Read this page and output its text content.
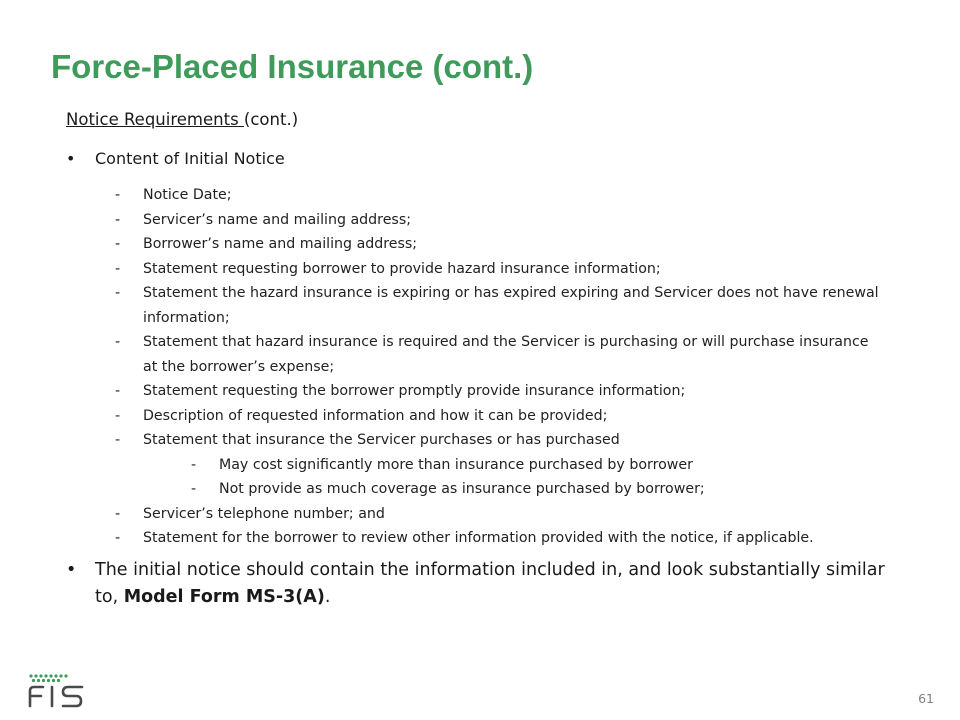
Force-Placed Insurance (cont.)
Notice Requirements (cont.)
• Content of Initial Notice
- Notice Date;
- Servicer’s name and mailing address;
- Borrower’s name and mailing address;
- Statement requesting borrower to provide hazard insurance information;
- Statement the hazard insurance is expiring or has expired expiring and Servicer does not have renewal information;
- Statement that hazard insurance is required and the Servicer is purchasing or will purchase insurance at the borrower’s expense;
- Statement requesting the borrower promptly provide insurance information;
- Description of requested information and how it can be provided;
- Statement that insurance the Servicer purchases or has purchased
- May cost significantly more than insurance purchased by borrower
- Not provide as much coverage as insurance purchased by borrower;
- Servicer’s telephone number; and
- Statement for the borrower to review other information provided with the notice, if applicable.
• The initial notice should contain the information included in, and look substantially similar to, Model Form MS-3(A).
FIS
61
